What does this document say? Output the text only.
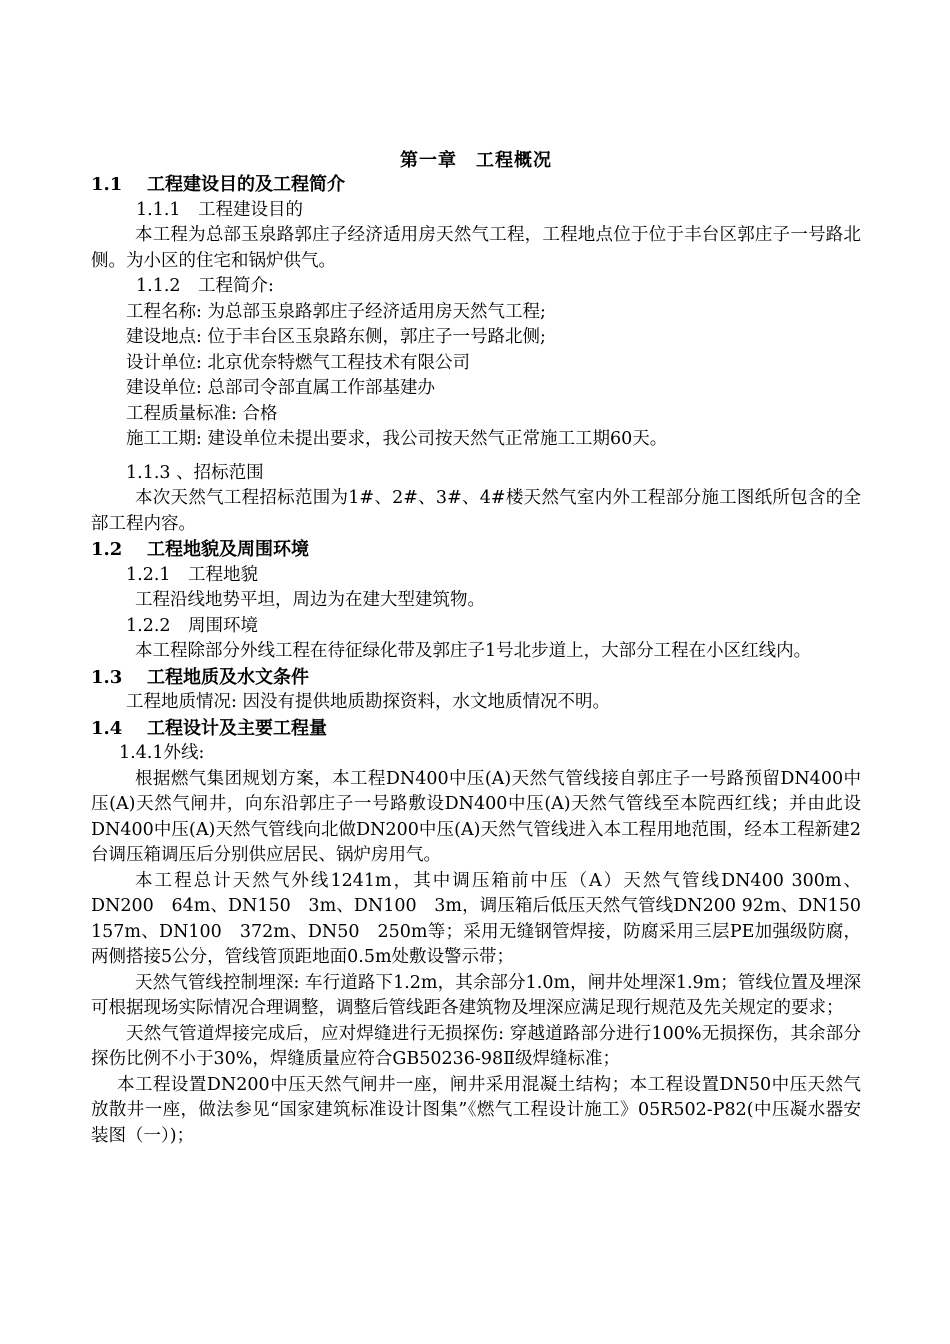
第一章　工程概况
1.1 工程建设目的及工程简介
1.1.1　工程建设目的

本工程为总部玉泉路郭庄子经济适用房天然气工程，工程地点位于位于丰台区郭庄子一号路北侧。为小区的住宅和锅炉供气。

1.1.2　工程简介:
工程名称: 为总部玉泉路郭庄子经济适用房天然气工程;
建设地点: 位于丰台区玉泉路东侧，郭庄子一号路北侧;
设计单位: 北京优奈特燃气工程技术有限公司
建设单位: 总部司令部直属工作部基建办
工程质量标准: 合格
施工工期: 建设单位未提出要求，我公司按天然气正常施工工期60天。
1.1.3 、招标范围

本次天然气工程招标范围为1#、2#、3#、4#楼天然气室内外工程部分施工图纸所包含的全部工程内容。

1.2 工程地貌及周围环境
1.2.1　工程地貌

工程沿线地势平坦，周边为在建大型建筑物。

1.2.2　周围环境

本工程除部分外线工程在待征绿化带及郭庄子1号北步道上，大部分工程在小区红线内。

1.3 工程地质及水文条件

工程地质情况: 因没有提供地质勘探资料，水文地质情况不明。

1.4 工程设计及主要工程量
1.4.1外线:

根据燃气集团规划方案，本工程DN400中压(A)天然气管线接自郭庄子一号路预留DN400中压(A)天然气闸井，向东沿郭庄子一号路敷设DN400中压(A)天然气管线至本院西红线；并由此设DN400中压(A)天然气管线向北做DN200中压(A)天然气管线进入本工程用地范围，经本工程新建2台调压箱调压后分别供应居民、锅炉房用气。

本工程总计天然气外线1241m，其中调压箱前中压（A）天然气管线DN400 300m、DN200　64m、DN150　3m、DN100　3m，调压箱后低压天然气管线DN200 92m、DN150　157m、DN100　372m、DN50　250m等；采用无缝钢管焊接，防腐采用三层PE加强级防腐，两侧搭接5公分，管线管顶距地面0.5m处敷设警示带；

天然气管线控制埋深: 车行道路下1.2m，其余部分1.0m，闸井处埋深1.9m；管线位置及埋深可根据现场实际情况合理调整，调整后管线距各建筑物及埋深应满足现行规范及先关规定的要求；

天然气管道焊接完成后，应对焊缝进行无损探伤: 穿越道路部分进行100%无损探伤，其余部分探伤比例不小于30%，焊缝质量应符合GB50236-98Ⅱ级焊缝标准；

本工程设置DN200中压天然气闸井一座，闸井采用混凝土结构；本工程设置DN50中压天然气放散井一座，做法参见“国家建筑标准设计图集”《燃气工程设计施工》05R502-P82(中压凝水器安装图（一）)；
